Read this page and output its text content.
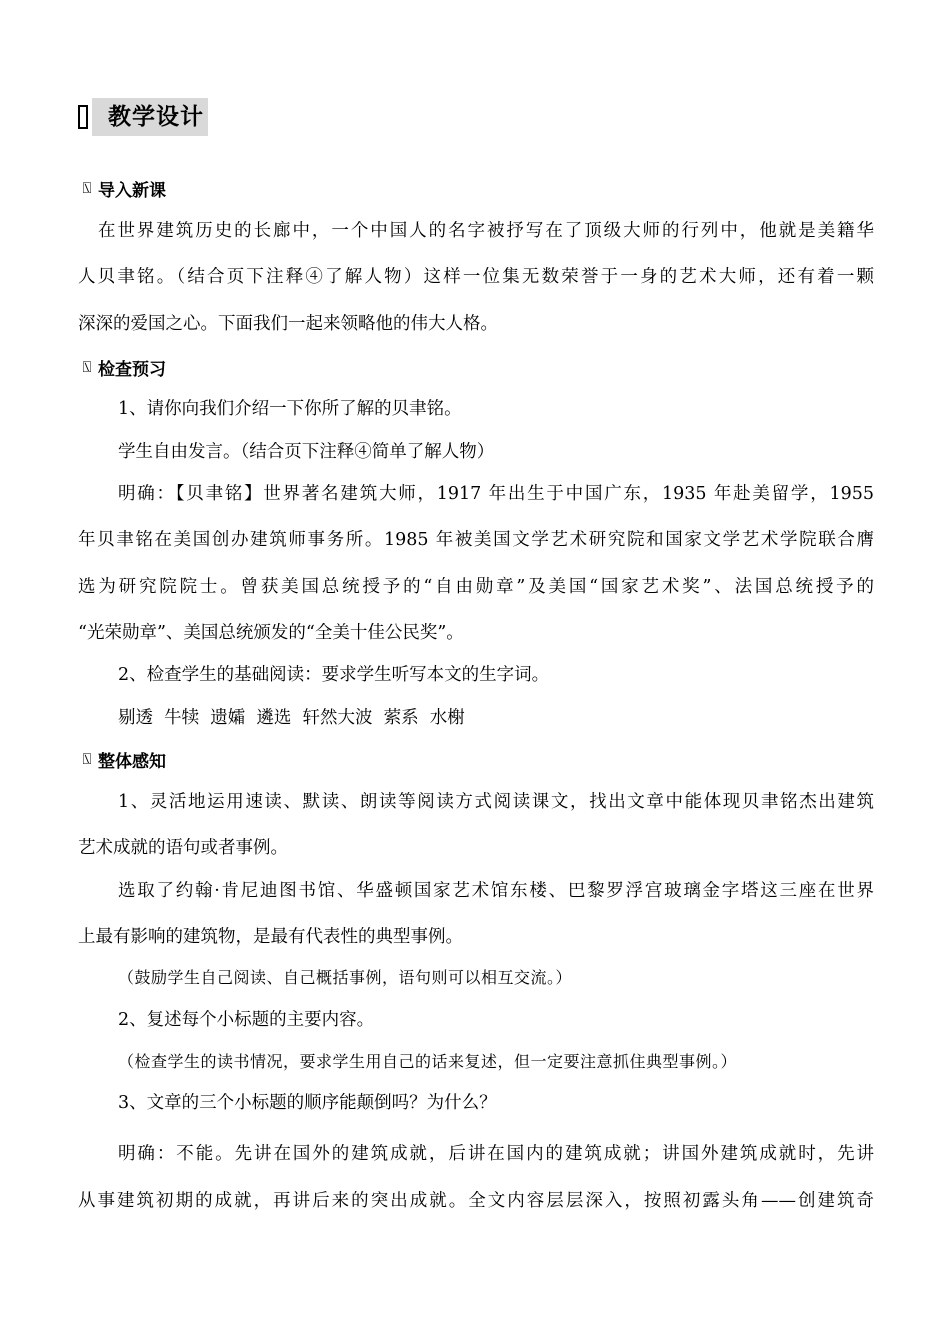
教学设计
⍂ 导入新课
在世界建筑历史的长廊中，一个中国人的名字被抒写在了顶级大师的行列中，他就是美籍华
人贝聿铭。（结合页下注释④了解人物）这样一位集无数荣誉于一身的艺术大师，还有着一颗
深深的爱国之心。下面我们一起来领略他的伟大人格。
⍂ 检查预习
1、请你向我们介绍一下你所了解的贝聿铭。
学生自由发言。（结合页下注释④简单了解人物）
明确：【贝聿铭】世界著名建筑大师，1917 年出生于中国广东，1935 年赴美留学，1955
年贝聿铭在美国创办建筑师事务所。1985 年被美国文学艺术研究院和国家文学艺术学院联合膺
选为研究院院士。曾获美国总统授予的“自由勋章”及美国“国家艺术奖”、法国总统授予的
“光荣勋章”、美国总统颁发的“全美十佳公民奖”。
2、检查学生的基础阅读：要求学生听写本文的生字词。
剔透  牛犊  遗孀  遴选  轩然大波  萦系  水榭
⍂ 整体感知
1、灵活地运用速读、默读、朗读等阅读方式阅读课文，找出文章中能体现贝聿铭杰出建筑
艺术成就的语句或者事例。
选取了约翰·肯尼迪图书馆、华盛顿国家艺术馆东楼、巴黎罗浮宫玻璃金字塔这三座在世界
上最有影响的建筑物，是最有代表性的典型事例。
（鼓励学生自己阅读、自己概括事例，语句则可以相互交流。）
2、复述每个小标题的主要内容。
（检查学生的读书情况，要求学生用自己的话来复述，但一定要注意抓住典型事例。）
3、文章的三个小标题的顺序能颠倒吗？为什么？
明确：不能。先讲在国外的建筑成就，后讲在国内的建筑成就；讲国外建筑成就时，先讲
从事建筑初期的成就，再讲后来的突出成就。全文内容层层深入，按照初露头角——创建筑奇
